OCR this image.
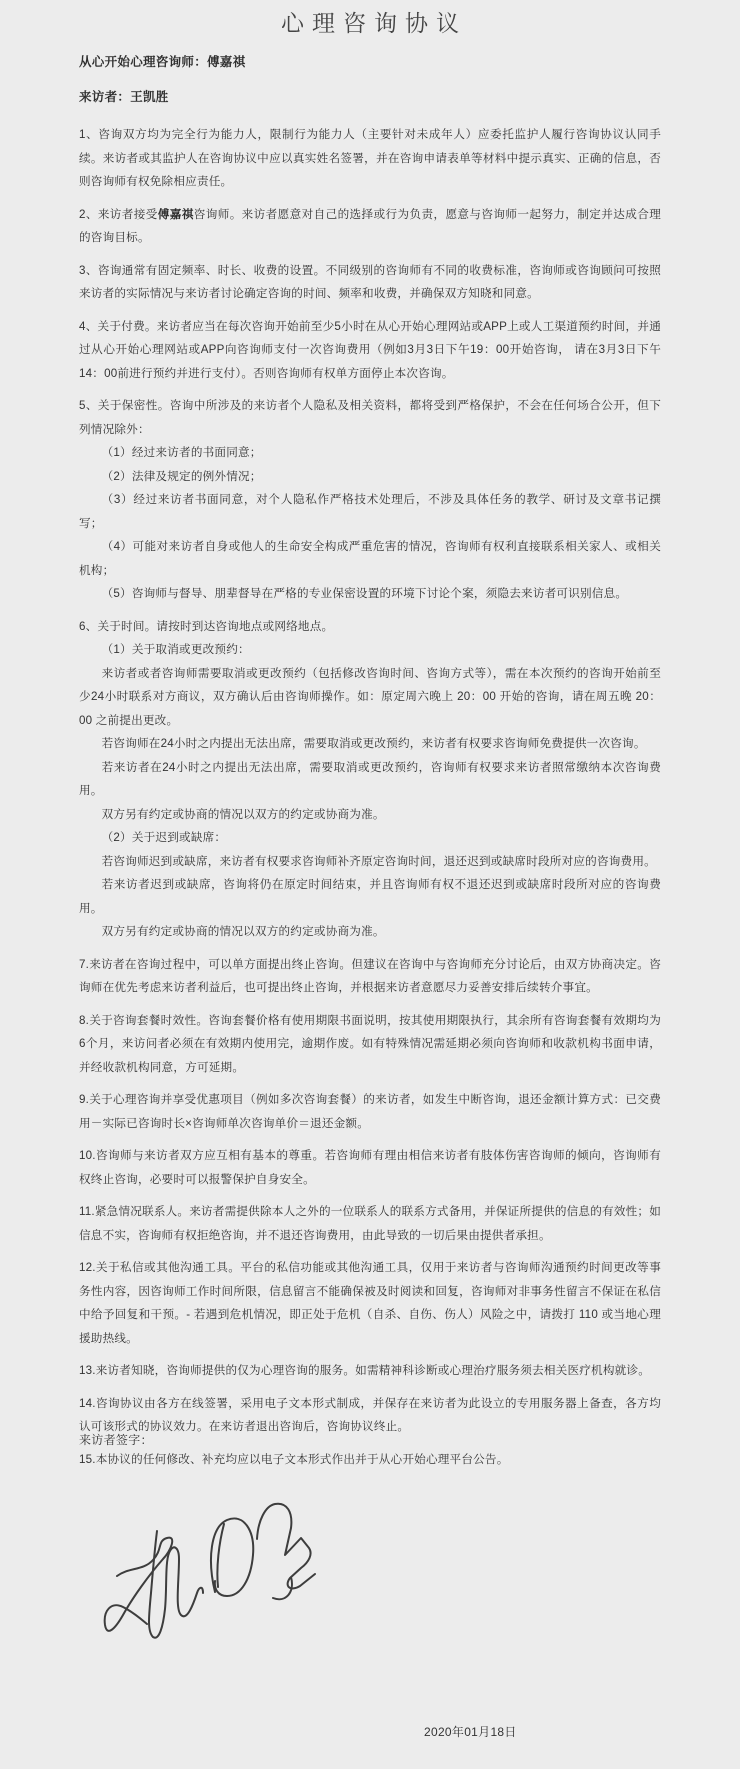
心理咨询协议
从心开始心理咨询师：傅嘉祺
来访者：王凯胜

1、咨询双方均为完全行为能力人，限制行为能力人（主要针对未成年人）应委托监护人履行咨询协议认同手续。来访者或其监护人在咨询协议中应以真实姓名签署，并在咨询申请表单等材料中提示真实、正确的信息，否则咨询师有权免除相应责任。

2、来访者接受傅嘉祺咨询师。来访者愿意对自己的选择或行为负责，愿意与咨询师一起努力，制定并达成合理的咨询目标。

3、咨询通常有固定频率、时长、收费的设置。不同级别的咨询师有不同的收费标准，咨询师或咨询顾问可按照来访者的实际情况与来访者讨论确定咨询的时间、频率和收费，并确保双方知晓和同意。

4、关于付费。来访者应当在每次咨询开始前至少5小时在从心开始心理网站或APP上或人工渠道预约时间，并通过从心开始心理网站或APP向咨询师支付一次咨询费用（例如3月3日下午19：00开始咨询， 请在3月3日下午14：00前进行预约并进行支付）。否则咨询师有权单方面停止本次咨询。

5、关于保密性。咨询中所涉及的来访者个人隐私及相关资料，都将受到严格保护，不会在任何场合公开，但下列情况除外：

（1）经过来访者的书面同意；

（2）法律及规定的例外情况；

（3）经过来访者书面同意，对个人隐私作严格技术处理后，不涉及具体任务的教学、研讨及文章书记撰写；

（4）可能对来访者自身或他人的生命安全构成严重危害的情况，咨询师有权利直接联系相关家人、或相关机构；

（5）咨询师与督导、朋辈督导在严格的专业保密设置的环境下讨论个案，须隐去来访者可识别信息。

6、关于时间。请按时到达咨询地点或网络地点。

（1）关于取消或更改预约：

来访者或者咨询师需要取消或更改预约（包括修改咨询时间、咨询方式等），需在本次预约的咨询开始前至少24小时联系对方商议，双方确认后由咨询师操作。如：原定周六晚上 20：00 开始的咨询，请在周五晚 20：00 之前提出更改。

若咨询师在24小时之内提出无法出席，需要取消或更改预约，来访者有权要求咨询师免费提供一次咨询。

若来访者在24小时之内提出无法出席，需要取消或更改预约，咨询师有权要求来访者照常缴纳本次咨询费用。

双方另有约定或协商的情况以双方的约定或协商为准。

（2）关于迟到或缺席：

若咨询师迟到或缺席，来访者有权要求咨询师补齐原定咨询时间，退还迟到或缺席时段所对应的咨询费用。

若来访者迟到或缺席，咨询将仍在原定时间结束，并且咨询师有权不退还迟到或缺席时段所对应的咨询费用。

双方另有约定或协商的情况以双方的约定或协商为准。

7.来访者在咨询过程中，可以单方面提出终止咨询。但建议在咨询中与咨询师充分讨论后，由双方协商决定。咨询师在优先考虑来访者利益后，也可提出终止咨询，并根据来访者意愿尽力妥善安排后续转介事宜。

8.关于咨询套餐时效性。咨询套餐价格有使用期限书面说明，按其使用期限执行，其余所有咨询套餐有效期均为6个月，来访问者必须在有效期内使用完，逾期作废。如有特殊情况需延期必须向咨询师和收款机构书面申请，并经收款机构同意，方可延期。

9.关于心理咨询并享受优惠项目（例如多次咨询套餐）的来访者，如发生中断咨询，退还金额计算方式：已交费用－实际已咨询时长×咨询师单次咨询单价＝退还金额。

10.咨询师与来访者双方应互相有基本的尊重。若咨询师有理由相信来访者有肢体伤害咨询师的倾向，咨询师有权终止咨询，必要时可以报警保护自身安全。

11.紧急情况联系人。来访者需提供除本人之外的一位联系人的联系方式备用，并保证所提供的信息的有效性；如信息不实，咨询师有权拒绝咨询，并不退还咨询费用，由此导致的一切后果由提供者承担。

12.关于私信或其他沟通工具。平台的私信功能或其他沟通工具，仅用于来访者与咨询师沟通预约时间更改等事务性内容，因咨询师工作时间所限，信息留言不能确保被及时阅读和回复，咨询师对非事务性留言不保证在私信中给予回复和干预。- 若遇到危机情况，即正处于危机（自杀、自伤、伤人）风险之中，请拨打 110 或当地心理援助热线。

13.来访者知晓，咨询师提供的仅为心理咨询的服务。如需精神科诊断或心理治疗服务须去相关医疗机构就诊。

14.咨询协议由各方在线签署，采用电子文本形式制成，并保存在来访者为此设立的专用服务器上备查，各方均认可该形式的协议效力。在来访者退出咨询后，咨询协议终止。

15.本协议的任何修改、补充均应以电子文本形式作出并于从心开始心理平台公告。

来访者签字：
2020年01月18日
